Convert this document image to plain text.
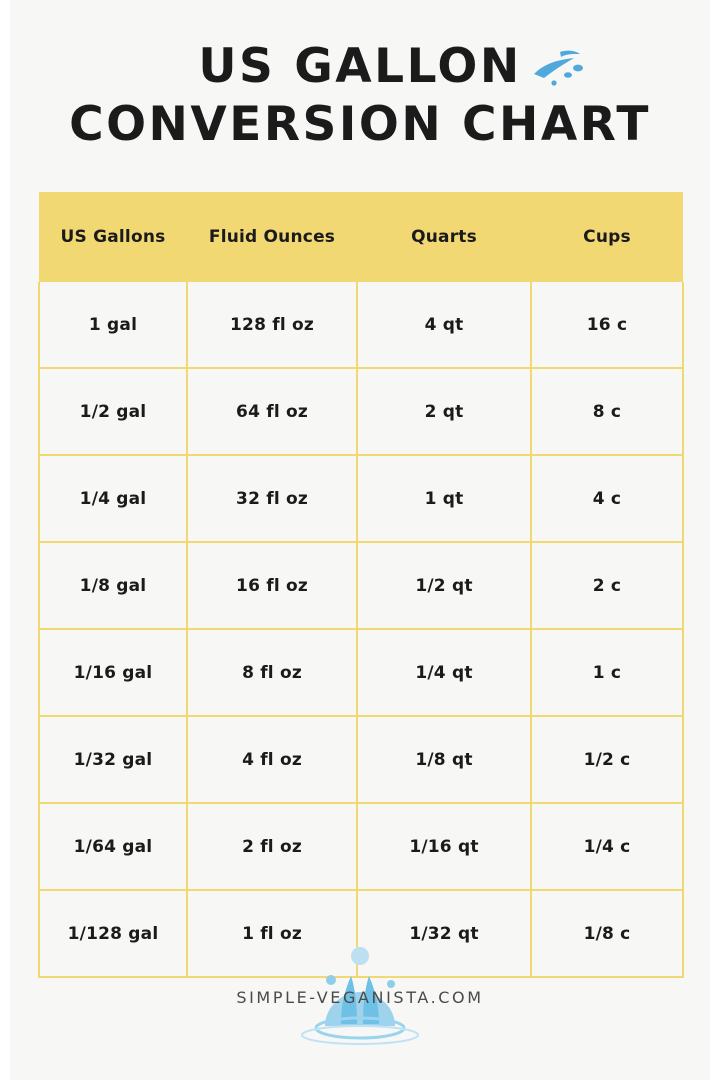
US GALLON
CONVERSION CHART
US Gallons	Fluid Ounces	Quarts	Cups
1 gal	128 fl oz	4 qt	16 c
1/2 gal	64 fl oz	2 qt	8 c
1/4 gal	32 fl oz	1 qt	4 c
1/8 gal	16 fl oz	1/2 qt	2 c
1/16 gal	8 fl oz	1/4 qt	1 c
1/32 gal	4 fl oz	1/8 qt	1/2 c
1/64 gal	2 fl oz	1/16 qt	1/4 c
1/128 gal	1 fl oz	1/32 qt	1/8 c
SIMPLE-VEGANISTA.COM
